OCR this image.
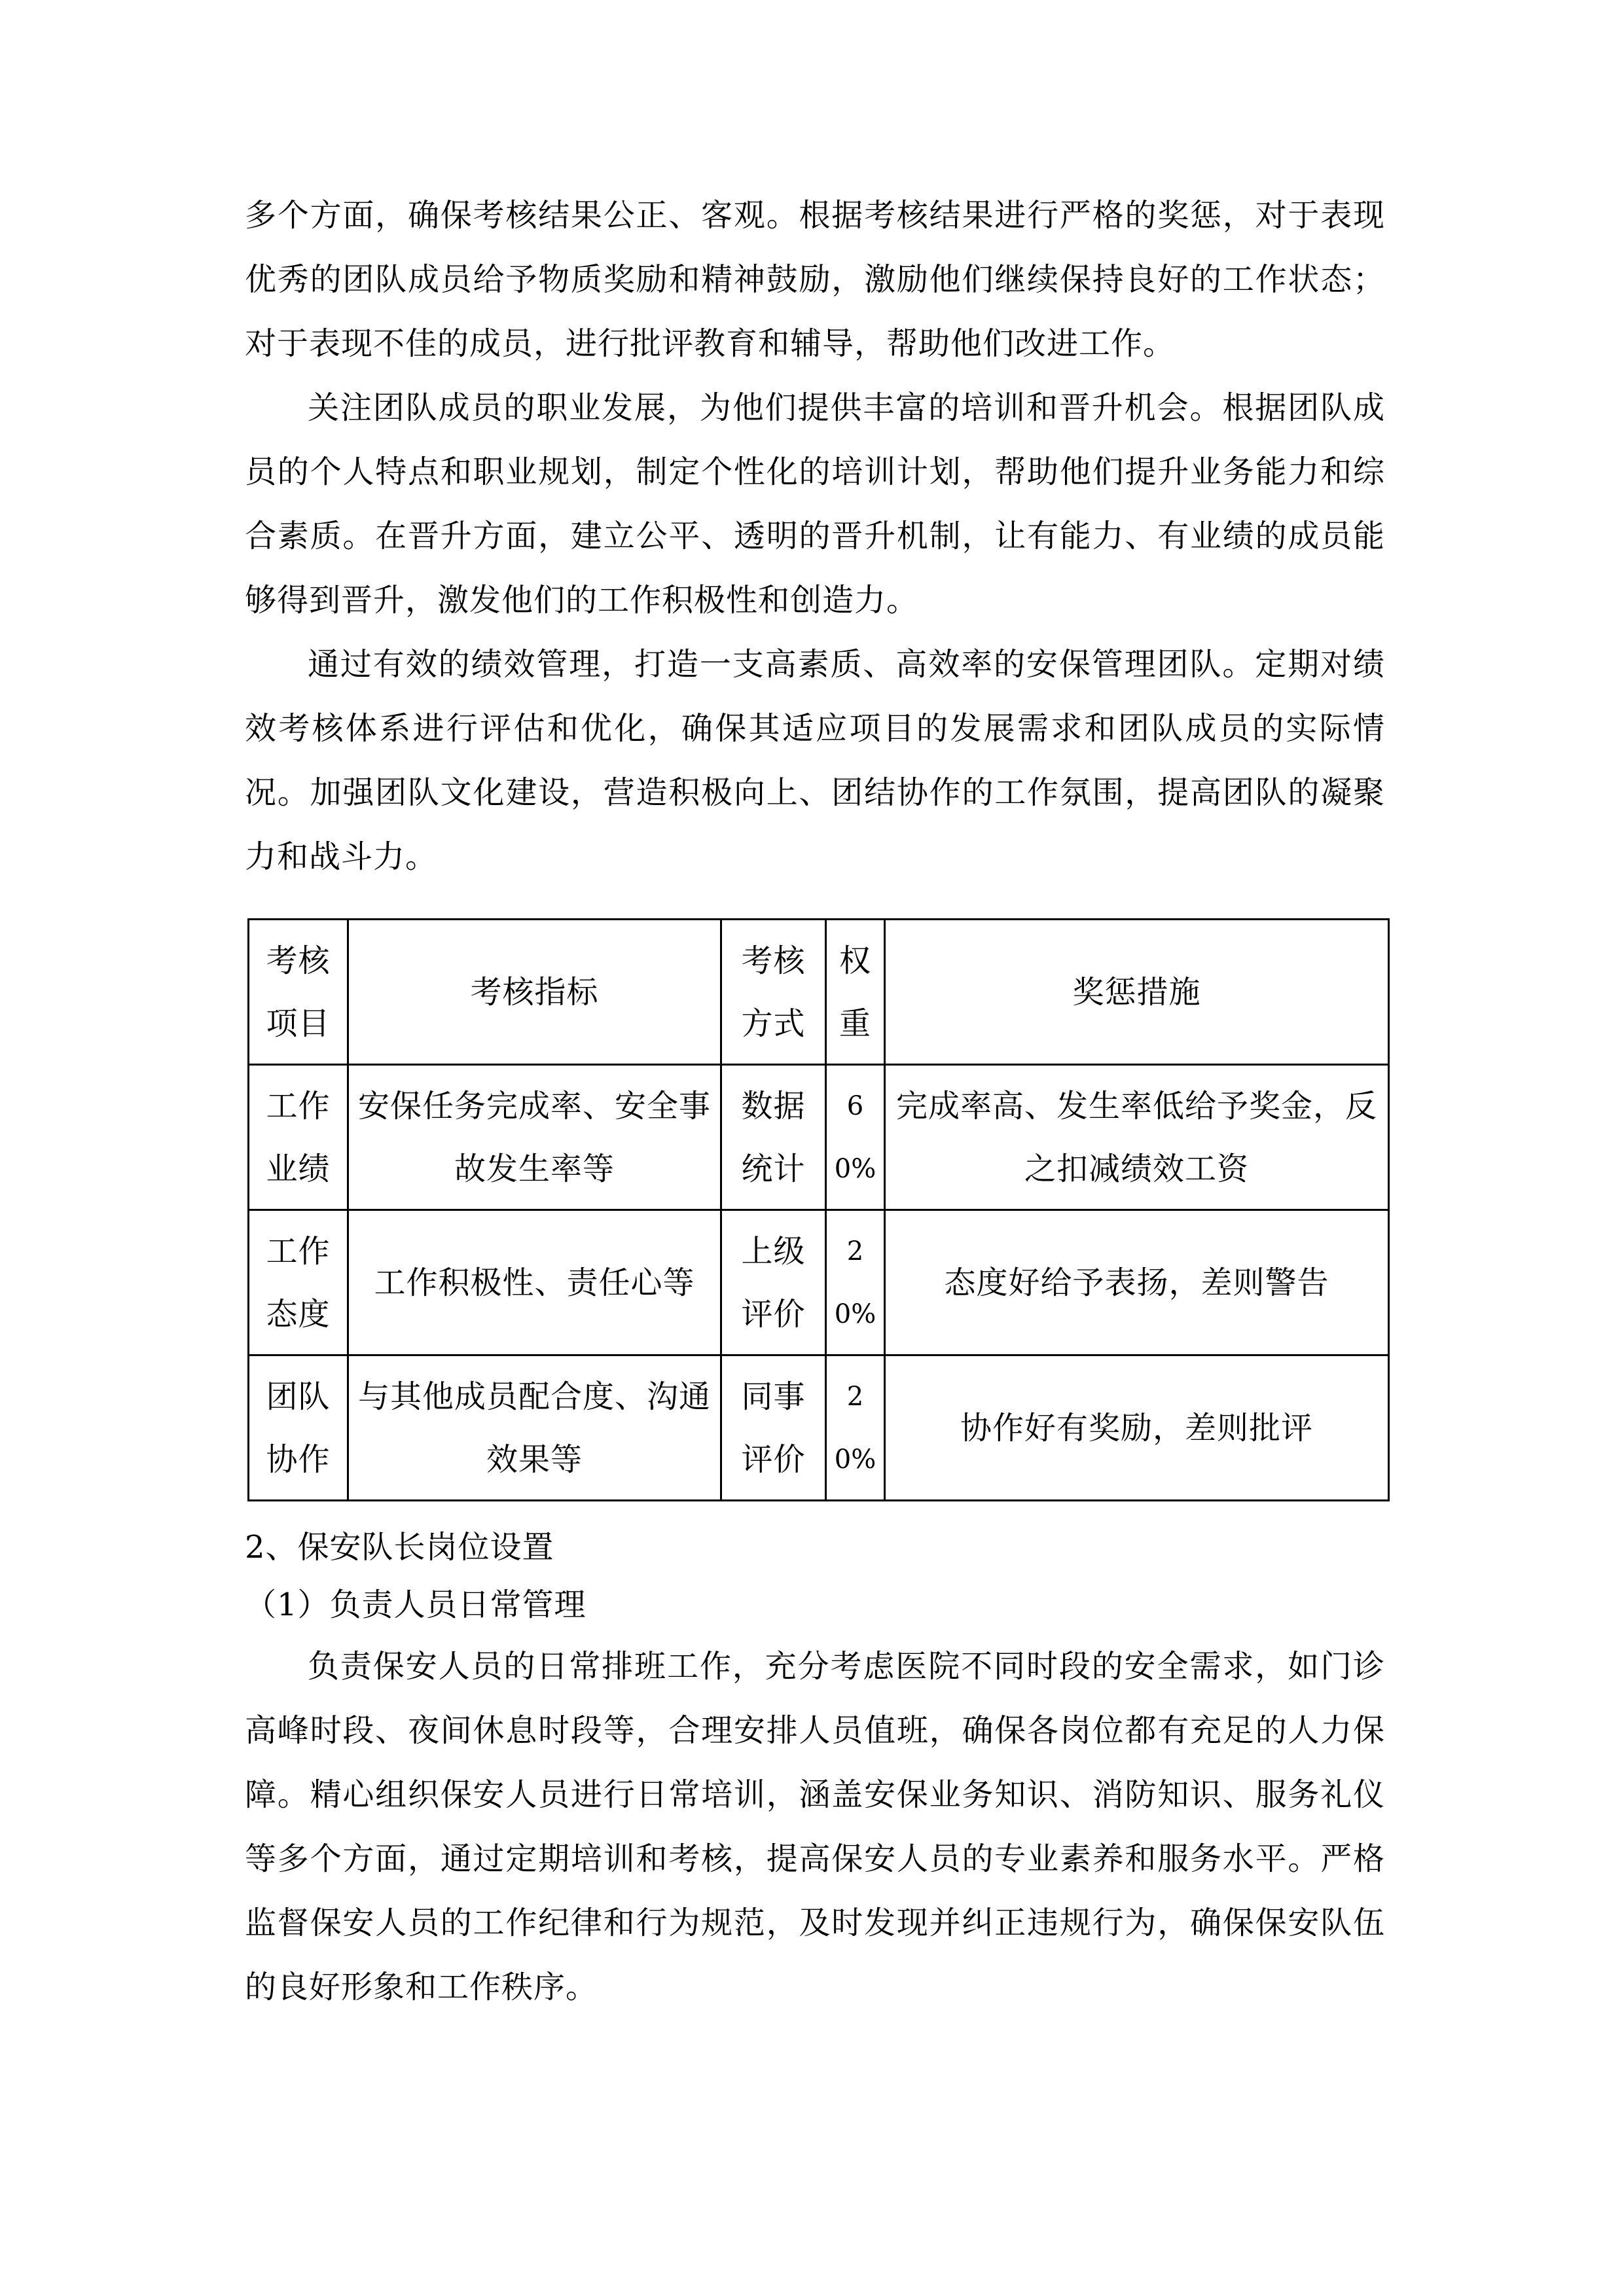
多个方面，确保考核结果公正、客观。根据考核结果进行严格的奖惩，对于表现优秀的团队成员给予物质奖励和精神鼓励，激励他们继续保持良好的工作状态；对于表现不佳的成员，进行批评教育和辅导，帮助他们改进工作。

关注团队成员的职业发展，为他们提供丰富的培训和晋升机会。根据团队成员的个人特点和职业规划，制定个性化的培训计划，帮助他们提升业务能力和综合素质。在晋升方面，建立公平、透明的晋升机制，让有能力、有业绩的成员能够得到晋升，激发他们的工作积极性和创造力。

通过有效的绩效管理，打造一支高素质、高效率的安保管理团队。定期对绩效考核体系进行评估和优化，确保其适应项目的发展需求和团队成员的实际情况。加强团队文化建设，营造积极向上、团结协作的工作氛围，提高团队的凝聚力和战斗力。

考核项目	考核指标	考核方式	权重	奖惩措施

工作业绩	安保任务完成率、安全事故发生率等	数据统计	60%	完成率高、发生率低给予奖金，反之扣减绩效工资

工作态度	工作积极性、责任心等	上级评价	20%	态度好给予表扬，差则警告

团队协作	与其他成员配合度、沟通效果等	同事评价	20%	协作好有奖励，差则批评

2、保安队长岗位设置

（1）负责人员日常管理

负责保安人员的日常排班工作，充分考虑医院不同时段的安全需求，如门诊高峰时段、夜间休息时段等，合理安排人员值班，确保各岗位都有充足的人力保障。精心组织保安人员进行日常培训，涵盖安保业务知识、消防知识、服务礼仪等多个方面，通过定期培训和考核，提高保安人员的专业素养和服务水平。严格监督保安人员的工作纪律和行为规范，及时发现并纠正违规行为，确保保安队伍的良好形象和工作秩序。
